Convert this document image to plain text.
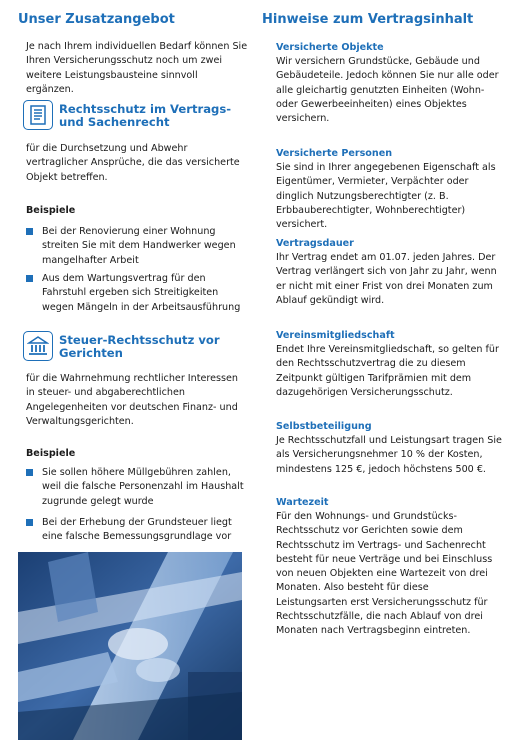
Unser Zusatzangebot

Je nach Ihrem individuellen Bedarf können Sie Ihren Versicherungsschutz noch um zwei weitere Leistungsbausteine sinnvoll ergänzen.

Rechtsschutz im Vertrags- und Sachenrecht

für die Durchsetzung und Abwehr vertraglicher Ansprüche, die das versicherte Objekt betreffen.

Beispiele

Bei der Renovierung einer Wohnung streiten Sie mit dem Handwerker wegen mangelhafter Arbeit
Aus dem Wartungsvertrag für den Fahrstuhl ergeben sich Streitigkeiten wegen Mängeln in der Arbeitsausführung
Steuer-Rechtsschutz vor Gerichten

für die Wahrnehmung rechtlicher Interessen in steuer- und abgaberechtlichen Angelegenheiten vor deutschen Finanz- und Verwaltungsgerichten.

Beispiele

Sie sollen höhere Müllgebühren zahlen, weil die falsche Personenzahl im Haushalt zugrunde gelegt wurde
Bei der Erhebung der Grundsteuer liegt eine falsche Bemessungsgrundlage vor
Hinweise zum Vertragsinhalt

Versicherte Objekte

Wir versichern Grundstücke, Gebäude und Gebäudeteile. Jedoch können Sie nur alle oder alle gleichartig genutzten Einheiten (Wohn- oder Gewerbeeinheiten) eines Objektes versichern.

Versicherte Personen

Sie sind in Ihrer angegebenen Eigenschaft als Eigentümer, Vermieter, Verpächter oder dinglich Nutzungsberechtigter (z. B. Erbbauberechtigter, Wohnberechtigter) versichert.

Vertragsdauer

Ihr Vertrag endet am 01.07. jeden Jahres. Der Vertrag verlängert sich von Jahr zu Jahr, wenn er nicht mit einer Frist von drei Monaten zum Ablauf gekündigt wird.

Vereinsmitgliedschaft

Endet Ihre Vereinsmitgliedschaft, so gelten für den Rechtsschutzvertrag die zu diesem Zeitpunkt gültigen Tarifprämien mit dem dazugehörigen Versicherungsschutz.

Selbstbeteiligung

Je Rechtsschutzfall und Leistungsart tragen Sie als Versicherungsnehmer 10 % der Kosten, mindestens 125 €, jedoch höchstens 500 €.

Wartezeit

Für den Wohnungs- und Grundstücks-Rechtsschutz vor Gerichten sowie dem Rechtsschutz im Vertrags- und Sachenrecht besteht für neue Verträge und bei Einschluss von neuen Objekten eine Wartezeit von drei Monaten. Also besteht für diese Leistungsarten erst Versicherungsschutz für Rechtsschutzfälle, die nach Ablauf von drei Monaten nach Vertragsbeginn eintreten.
